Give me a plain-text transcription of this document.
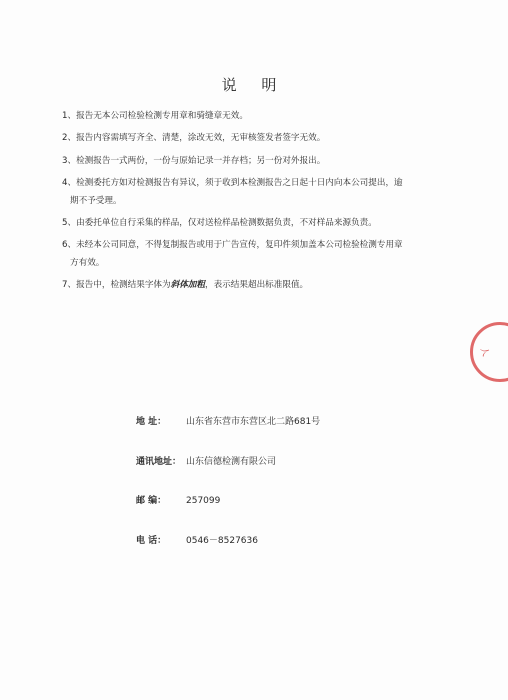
说 明

1、报告无本公司检验检测专用章和骑缝章无效。

2、报告内容需填写齐全、清楚，涂改无效，无审核签发者签字无效。

3、检测报告一式两份，一份与原始记录一并存档；另一份对外报出。

4、检测委托方如对检测报告有异议，须于收到本检测报告之日起十日内向本公司提出，逾
期不予受理。

5、由委托单位自行采集的样品，仅对送检样品检测数据负责，不对样品来源负责。

6、未经本公司同意，不得复制报告或用于广告宣传，复印件须加盖本公司检验检测专用章
方有效。

7、报告中，检测结果字体为斜体加粗，表示结果超出标准限值。

人
地 址： 山东省东营市东营区北二路681号
通讯地址： 山东信德检测有限公司
邮 编： 257099
电 话： 0546－8527636
